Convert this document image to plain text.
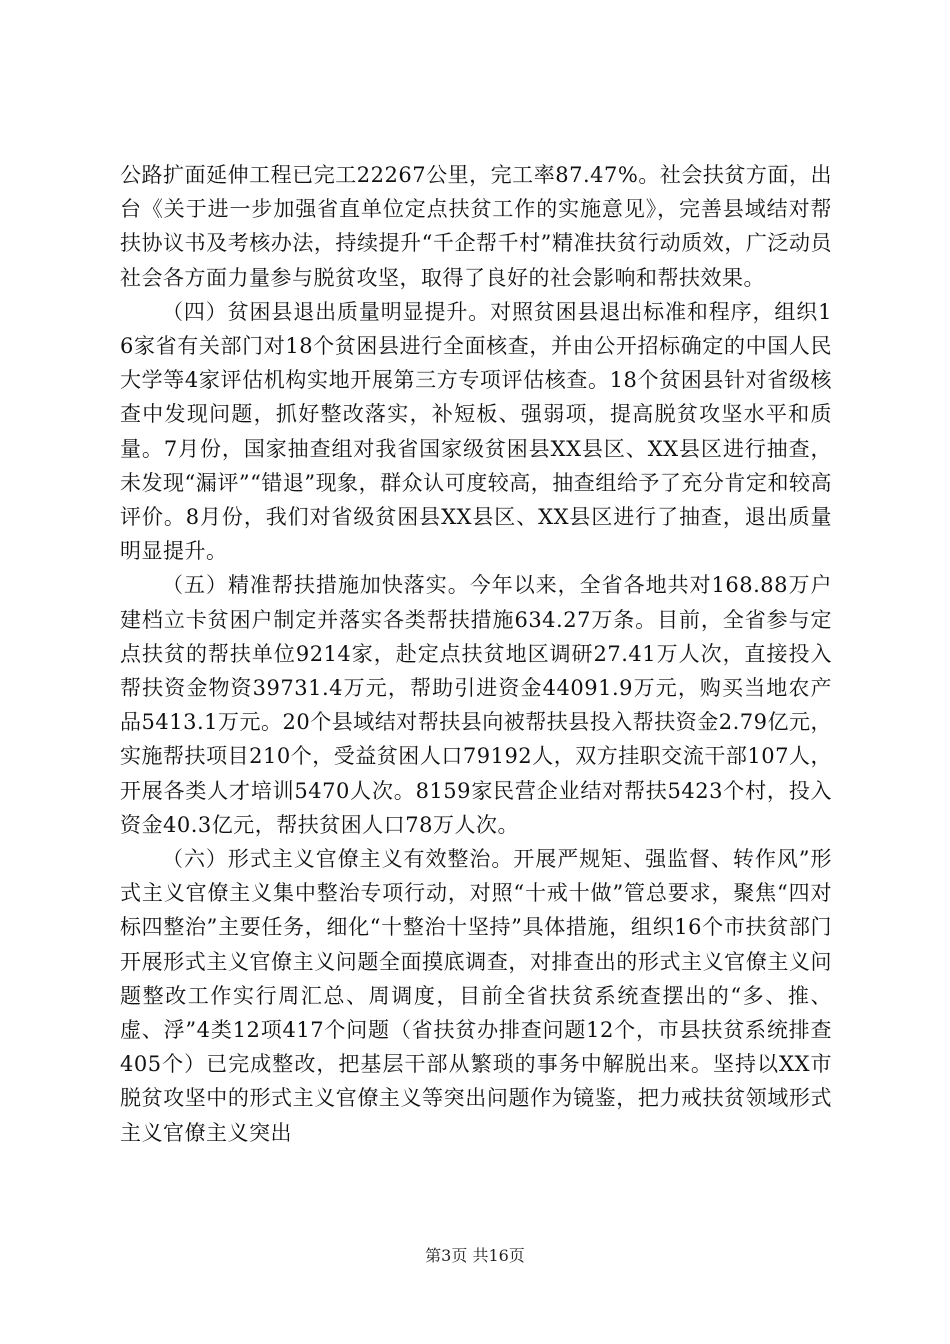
公路扩面延伸工程已完工22267公里，完工率87.47%。社会扶贫方面，出台《关于进一步加强省直单位定点扶贫工作的实施意见》，完善县域结对帮扶协议书及考核办法，持续提升“千企帮千村”精准扶贫行动质效，广泛动员社会各方面力量参与脱贫攻坚，取得了良好的社会影响和帮扶效果。

（四）贫困县退出质量明显提升。对照贫困县退出标准和程序，组织16家省有关部门对18个贫困县进行全面核查，并由公开招标确定的中国人民大学等4家评估机构实地开展第三方专项评估核查。18个贫困县针对省级核查中发现问题，抓好整改落实，补短板、强弱项，提高脱贫攻坚水平和质量。7月份，国家抽查组对我省国家级贫困县XX县区、XX县区进行抽查，未发现“漏评”“错退”现象，群众认可度较高，抽查组给予了充分肯定和较高评价。8月份，我们对省级贫困县XX县区、XX县区进行了抽查，退出质量明显提升。

（五）精准帮扶措施加快落实。今年以来，全省各地共对168.88万户建档立卡贫困户制定并落实各类帮扶措施634.27万条。目前，全省参与定点扶贫的帮扶单位9214家，赴定点扶贫地区调研27.41万人次，直接投入帮扶资金物资39731.4万元，帮助引进资金44091.9万元，购买当地农产品5413.1万元。20个县域结对帮扶县向被帮扶县投入帮扶资金2.79亿元，实施帮扶项目210个，受益贫困人口79192人，双方挂职交流干部107人，开展各类人才培训5470人次。8159家民营企业结对帮扶5423个村，投入资金40.3亿元，帮扶贫困人口78万人次。

（六）形式主义官僚主义有效整治。开展严规矩、强监督、转作风”形式主义官僚主义集中整治专项行动，对照“十戒十做”管总要求，聚焦“四对标四整治”主要任务，细化“十整治十坚持”具体措施，组织16个市扶贫部门开展形式主义官僚主义问题全面摸底调查，对排查出的形式主义官僚主义问题整改工作实行周汇总、周调度，目前全省扶贫系统查摆出的“多、推、虚、浮”4类12项417个问题（省扶贫办排查问题12个，市县扶贫系统排查405个）已完成整改，把基层干部从繁琐的事务中解脱出来。坚持以XX市脱贫攻坚中的形式主义官僚主义等突出问题作为镜鉴，把力戒扶贫领域形式主义官僚主义突出

第3页 共16页
